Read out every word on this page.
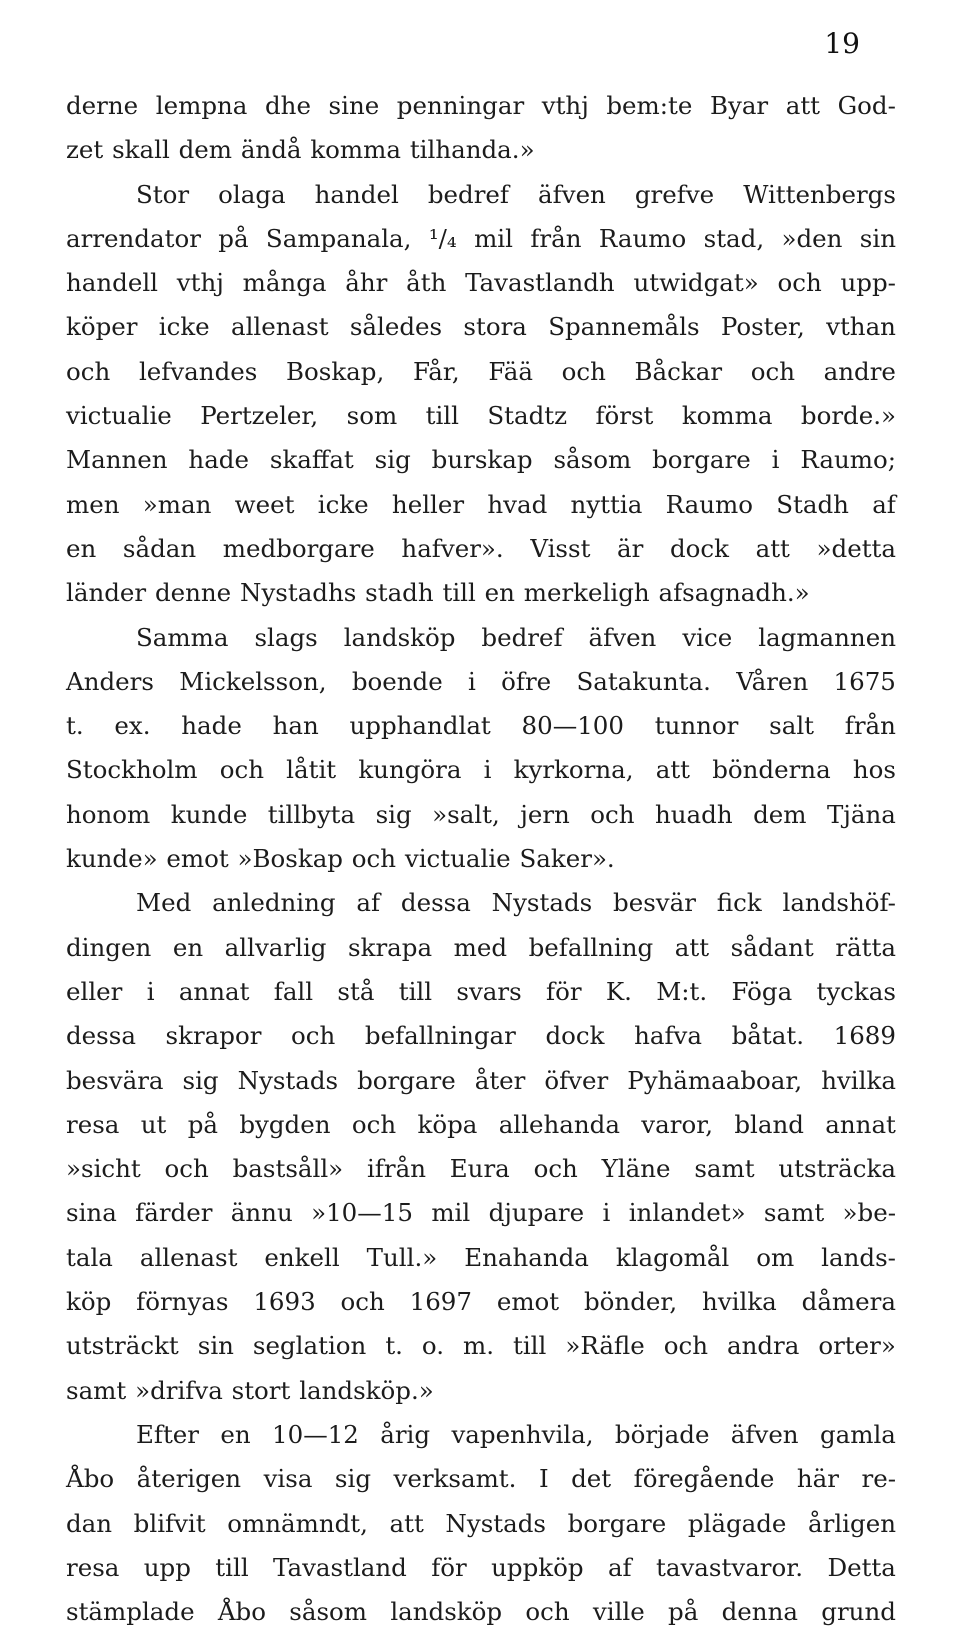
19
derne lempna dhe sine penningar vthj bem:te Byar att God-
zet skall dem ändå komma tilhanda.»
Stor olaga handel bedref äfven grefve Wittenbergs
arrendator på Sampanala, ¹/₄ mil från Raumo stad, »den sin
handell vthj många åhr åth Tavastlandh utwidgat» och upp-
köper icke allenast således stora Spannemåls Poster, vthan
och lefvandes Boskap, Får, Fää och Båckar och andre
victualie Pertzeler, som till Stadtz först komma borde.»
Mannen hade skaffat sig burskap såsom borgare i Raumo;
men »man weet icke heller hvad nyttia Raumo Stadh af
en sådan medborgare hafver». Visst är dock att »detta
länder denne Nystadhs stadh till en merkeligh afsagnadh.»
Samma slags landsköp bedref äfven vice lagmannen
Anders Mickelsson, boende i öfre Satakunta. Våren 1675
t. ex. hade han upphandlat 80—100 tunnor salt från
Stockholm och låtit kungöra i kyrkorna, att bönderna hos
honom kunde tillbyta sig »salt, jern och huadh dem Tjäna
kunde» emot »Boskap och victualie Saker».
Med anledning af dessa Nystads besvär fick landshöf-
dingen en allvarlig skrapa med befallning att sådant rätta
eller i annat fall stå till svars för K. M:t. Föga tyckas
dessa skrapor och befallningar dock hafva båtat. 1689
besvära sig Nystads borgare åter öfver Pyhämaaboar, hvilka
resa ut på bygden och köpa allehanda varor, bland annat
»sicht och bastsåll» ifrån Eura och Yläne samt utsträcka
sina färder ännu »10—15 mil djupare i inlandet» samt »be-
tala allenast enkell Tull.» Enahanda klagomål om lands-
köp förnyas 1693 och 1697 emot bönder, hvilka dåmera
utsträckt sin seglation t. o. m. till »Räfle och andra orter»
samt »drifva stort landsköp.»
Efter en 10—12 årig vapenhvila, började äfven gamla
Åbo återigen visa sig verksamt. I det föregående här re-
dan blifvit omnämndt, att Nystads borgare plägade årligen
resa upp till Tavastland för uppköp af tavastvaror. Detta
stämplade Åbo såsom landsköp och ville på denna grund
